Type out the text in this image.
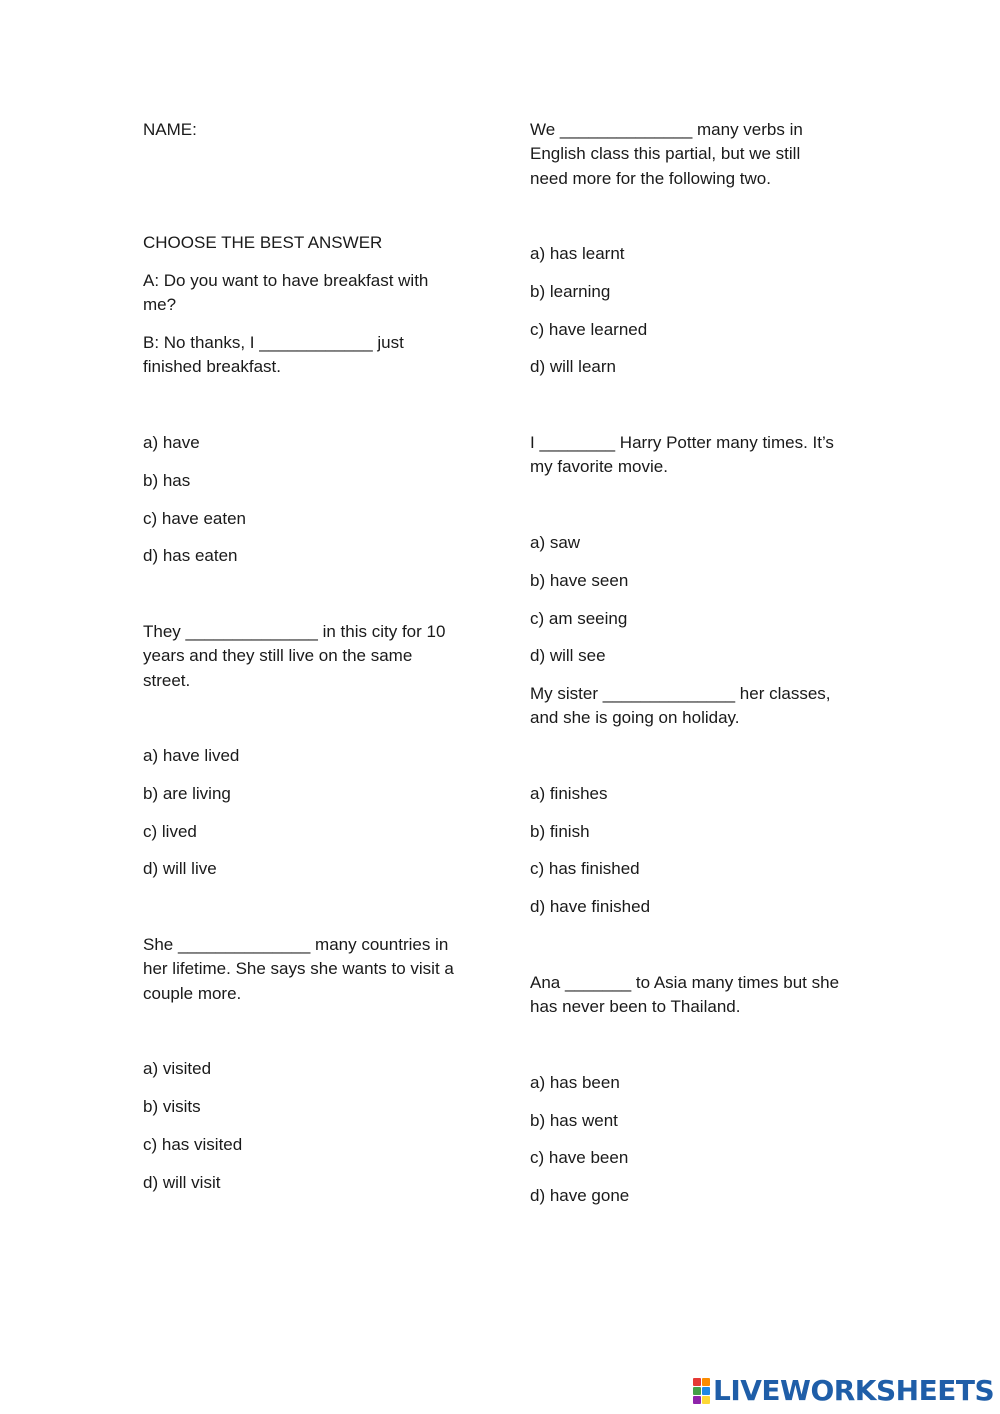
NAME:

CHOOSE THE BEST ANSWER

A: Do you want to have breakfast with

me?

B: No thanks, I ____________ just

finished breakfast.

a) have

b) has

c) have eaten

d) has eaten

They ______________ in this city for 10

years and they still live on the same

street.

a) have lived

b) are living

c) lived

d) will live

She ______________ many countries in

her lifetime. She says she wants to visit a

couple more.

a) visited

b) visits

c) has visited

d) will visit

We ______________ many verbs in

English class this partial, but we still

need more for the following two.

a) has learnt

b) learning

c) have learned

d) will learn

I ________ Harry Potter many times. It’s

my favorite movie.

a) saw

b) have seen

c) am seeing

d) will see

My sister ______________ her classes,

and she is going on holiday.

a) finishes

b) finish

c) has finished

d) have finished

Ana _______ to Asia many times but she

has never been to Thailand.

a) has been

b) has went

c) have been

d) have gone

LIVEWORKSHEETS
